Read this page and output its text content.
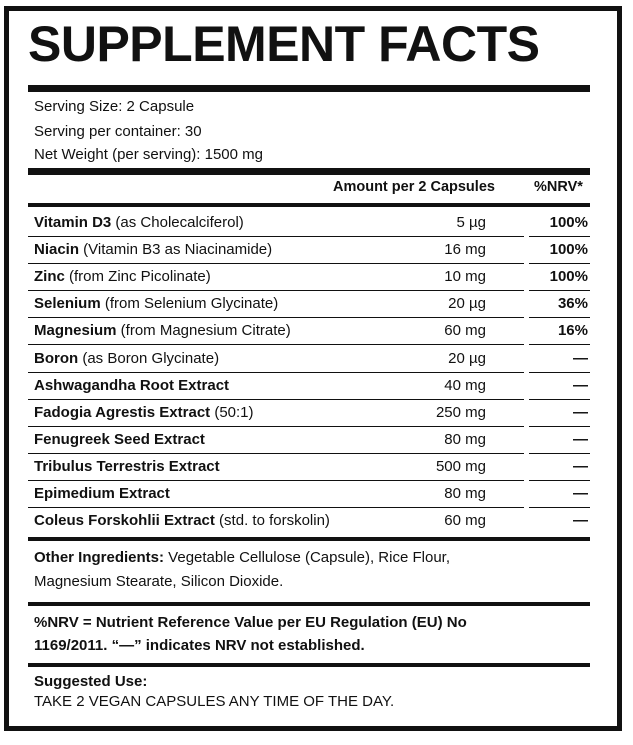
SUPPLEMENT FACTS
Serving Size: 2 Capsule
Serving per container: 30
Net Weight (per serving): 1500 mg
Amount per 2 Capsules	%NRV*
Vitamin D3 (as Cholecalciferol)	5 µg	100%
Niacin (Vitamin B3 as Niacinamide)	16 mg	100%
Zinc (from Zinc Picolinate)	10 mg	100%
Selenium (from Selenium Glycinate)	20 µg	36%
Magnesium (from Magnesium Citrate)	60 mg	16%
Boron (as Boron Glycinate)	20 µg	—
Ashwagandha Root Extract	40 mg	—
Fadogia Agrestis Extract (50:1)	250 mg	—
Fenugreek Seed Extract	80 mg	—
Tribulus Terrestris Extract	500 mg	—
Epimedium Extract	80 mg	—
Coleus Forskohlii Extract (std. to forskolin)	60 mg	—
Other Ingredients: Vegetable Cellulose (Capsule), Rice Flour,
Magnesium Stearate, Silicon Dioxide.
%NRV = Nutrient Reference Value per EU Regulation (EU) No
1169/2011. “—” indicates NRV not established.
Suggested Use:
TAKE 2 VEGAN CAPSULES ANY TIME OF THE DAY.
